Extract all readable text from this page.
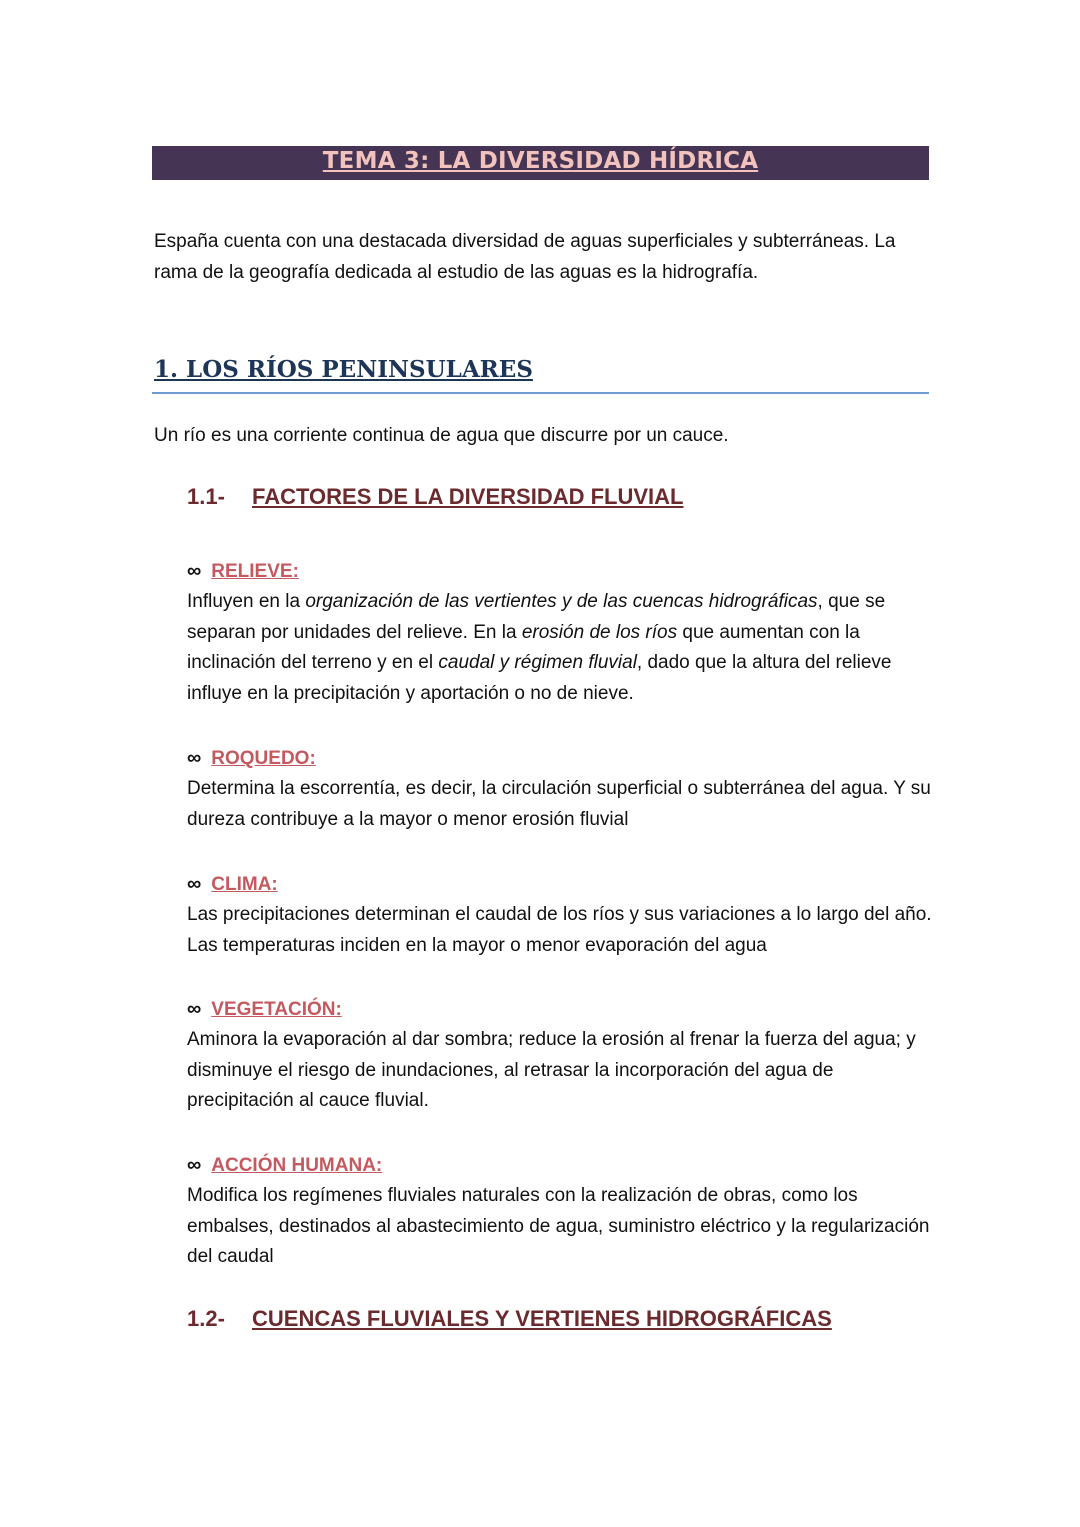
TEMA 3: LA DIVERSIDAD HÍDRICA

España cuenta con una destacada diversidad de aguas superficiales y subterráneas. La rama de la geografía dedicada al estudio de las aguas es la hidrografía.

1. LOS RÍOS PENINSULARES

Un río es una corriente continua de agua que discurre por un cauce.

1.1- FACTORES DE LA DIVERSIDAD FLUVIAL

∞ RELIEVE:

Influyen en la organización de las vertientes y de las cuencas hidrográficas, que se separan por unidades del relieve. En la erosión de los ríos que aumentan con la inclinación del terreno y en el caudal y régimen fluvial, dado que la altura del relieve influye en la precipitación y aportación o no de nieve.

∞ ROQUEDO:

Determina la escorrentía, es decir, la circulación superficial o subterránea del agua. Y su dureza contribuye a la mayor o menor erosión fluvial

∞ CLIMA:

Las precipitaciones determinan el caudal de los ríos y sus variaciones a lo largo del año. Las temperaturas inciden en la mayor o menor evaporación del agua

∞ VEGETACIÓN:

Aminora la evaporación al dar sombra; reduce la erosión al frenar la fuerza del agua; y disminuye el riesgo de inundaciones, al retrasar la incorporación del agua de precipitación al cauce fluvial.

∞ ACCIÓN HUMANA:

Modifica los regímenes fluviales naturales con la realización de obras, como los embalses, destinados al abastecimiento de agua, suministro eléctrico y la regularización del caudal

1.2- CUENCAS FLUVIALES Y VERTIENES HIDROGRÁFICAS
